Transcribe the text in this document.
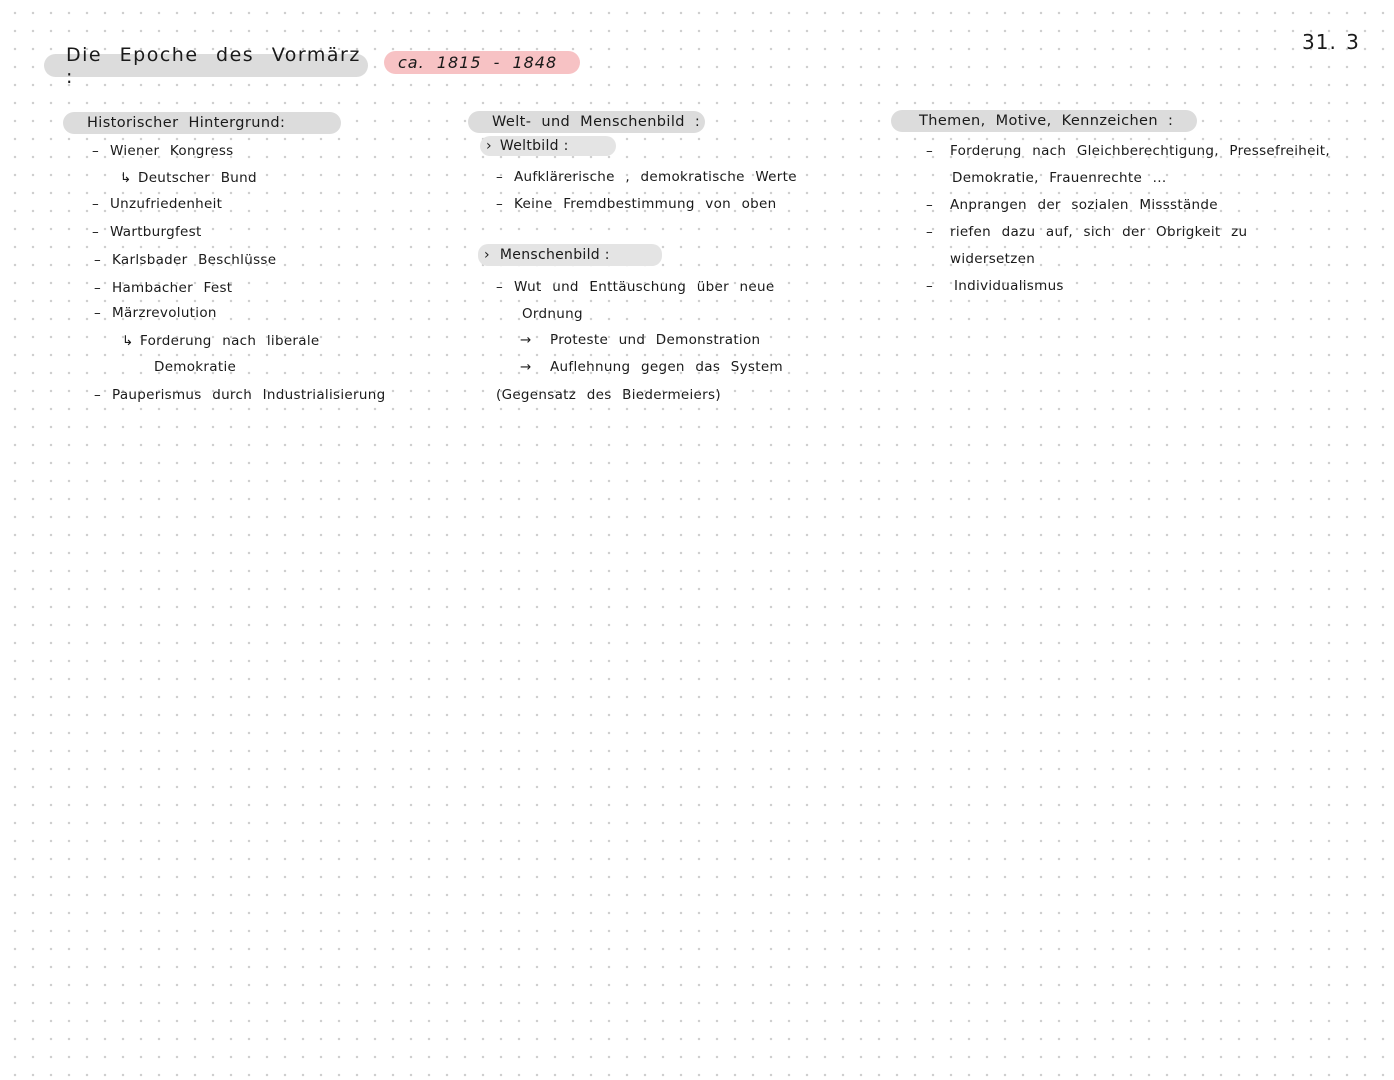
Die Epoche des Vormärz :
ca. 1815 - 1848
31. 3
Historischer Hintergrund:
– Wiener Kongress
↳ Deutscher Bund
– Unzufriedenheit
– Wartburgfest
– Karlsbader Beschlüsse
– Hambacher Fest
– Märzrevolution
↳ Forderung nach liberale
Demokratie
– Pauperismus durch Industrialisierung
Welt- und Menschenbild :
› Weltbild :
– Aufklärerische , demokratische Werte
– Keine Fremdbestimmung von oben
› Menschenbild :
– Wut und Enttäuschung über neue
Ordnung
→ Proteste und Demonstration
→ Auflehnung gegen das System
(Gegensatz des Biedermeiers)
Themen, Motive, Kennzeichen :
– Forderung nach Gleichberechtigung, Pressefreiheit,
Demokratie, Frauenrechte ...
– Anprangen der sozialen Missstände
– riefen dazu auf, sich der Obrigkeit zu
widersetzen
– Individualismus
